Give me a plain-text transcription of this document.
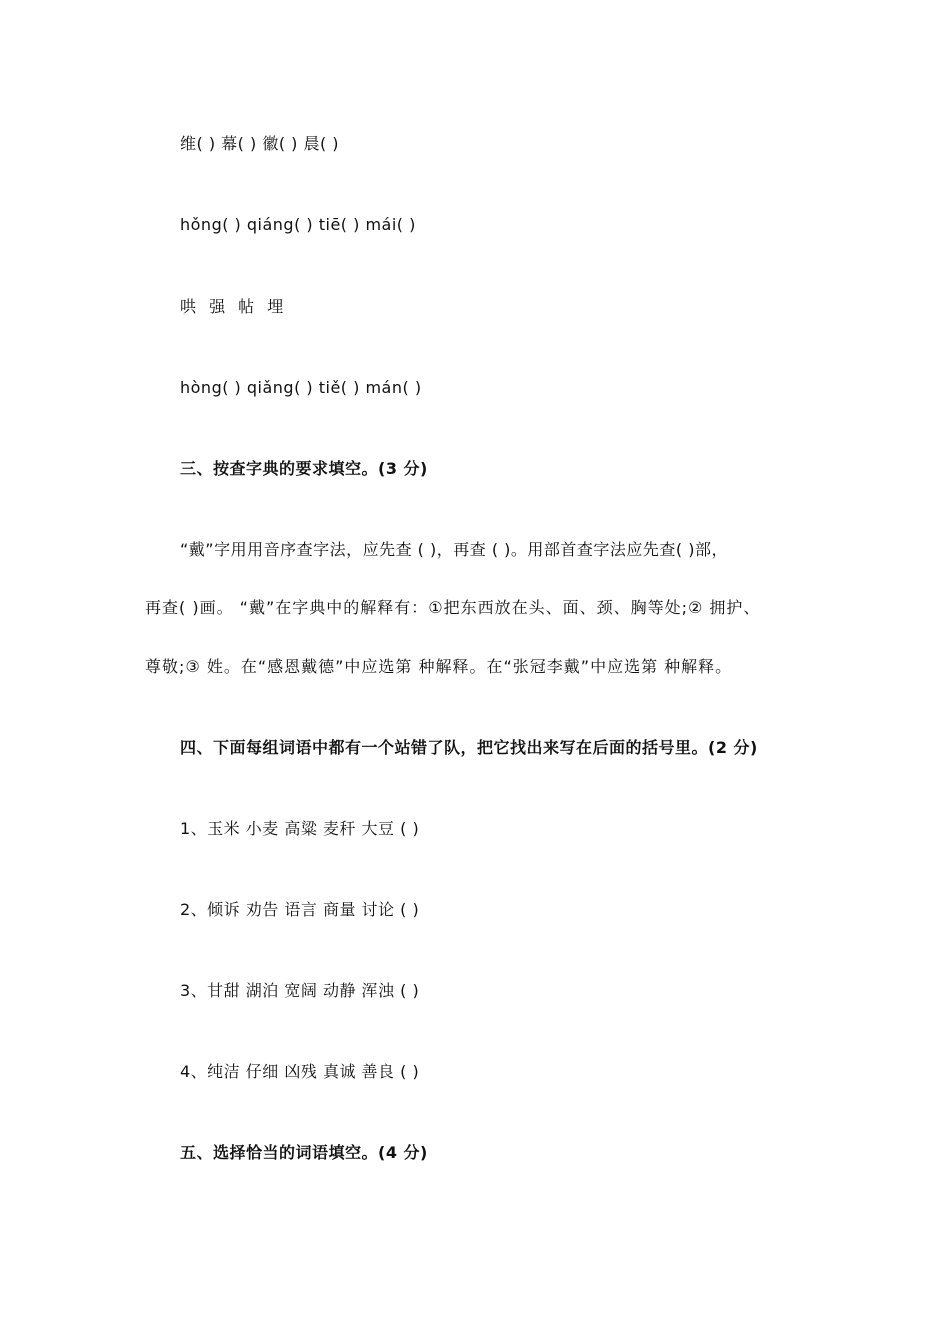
维( ) 幕( ) 徽( ) 晨( )
hǒng( ) qiáng( ) tiē( ) mái( )
哄 强 帖 埋
hòng( ) qiǎng( ) tiě( ) mán( )
三、按查字典的要求填空。(3 分)
“戴”字用用音序查字法，应先查 ( )，再查 ( )。用部首查字法应先查( )部，
再查( )画。 “戴”在字典中的解释有：①把东西放在头、面、颈、胸等处;② 拥护、
尊敬;③ 姓。在“感恩戴德”中应选第 种解释。在“张冠李戴”中应选第 种解释。
四、下面每组词语中都有一个站错了队，把它找出来写在后面的括号里。(2 分)
1、玉米 小麦 高粱 麦秆 大豆 ( )
2、倾诉 劝告 语言 商量 讨论 ( )
3、甘甜 湖泊 宽阔 动静 浑浊 ( )
4、纯洁 仔细 凶残 真诚 善良 ( )
五、选择恰当的词语填空。(4 分)
